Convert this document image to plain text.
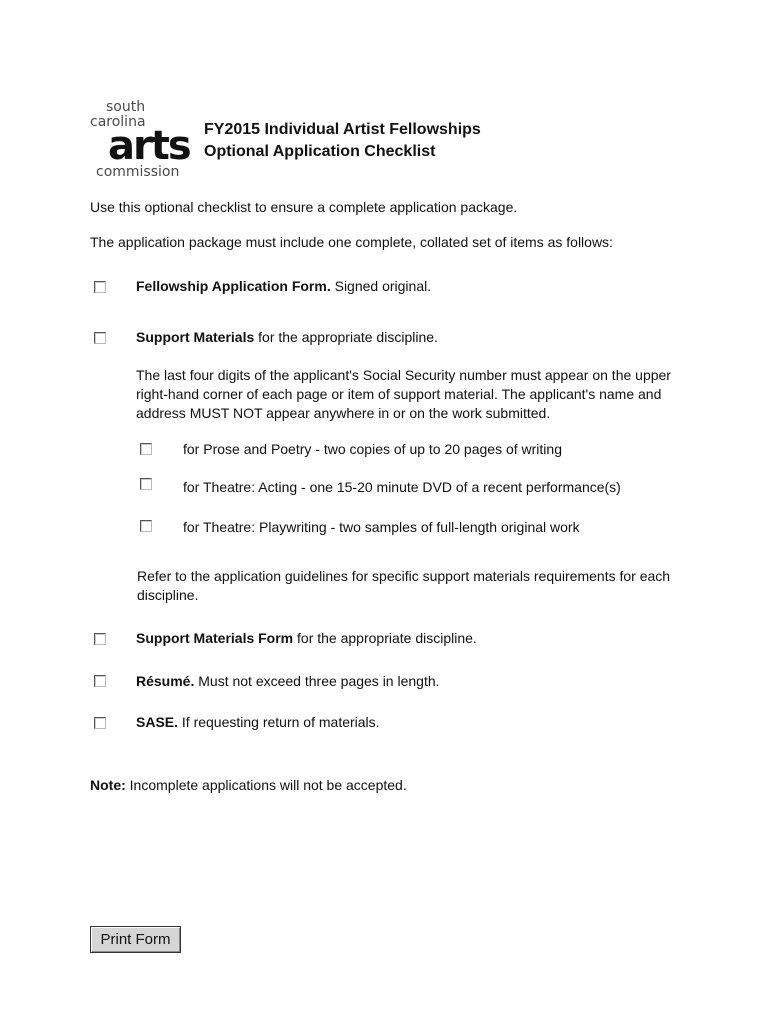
south
carolina
arts
commission
FY2015 Individual Artist Fellowships
Optional Application Checklist
Use this optional checklist to ensure a complete application package.
The application package must include one complete, collated set of items as follows:
Fellowship Application Form. Signed original.
Support Materials for the appropriate discipline.
The last four digits of the applicant's Social Security number must appear on the upper right-hand corner of each page or item of support material. The applicant's name and address MUST NOT appear anywhere in or on the work submitted.
for Prose and Poetry - two copies of up to 20 pages of writing
for Theatre: Acting - one 15-20 minute DVD of a recent performance(s)
for Theatre: Playwriting - two samples of full-length original work
Refer to the application guidelines for specific support materials requirements for each discipline.
Support Materials Form for the appropriate discipline.
Résumé. Must not exceed three pages in length.
SASE. If requesting return of materials.
Note: Incomplete applications will not be accepted.
Print Form
